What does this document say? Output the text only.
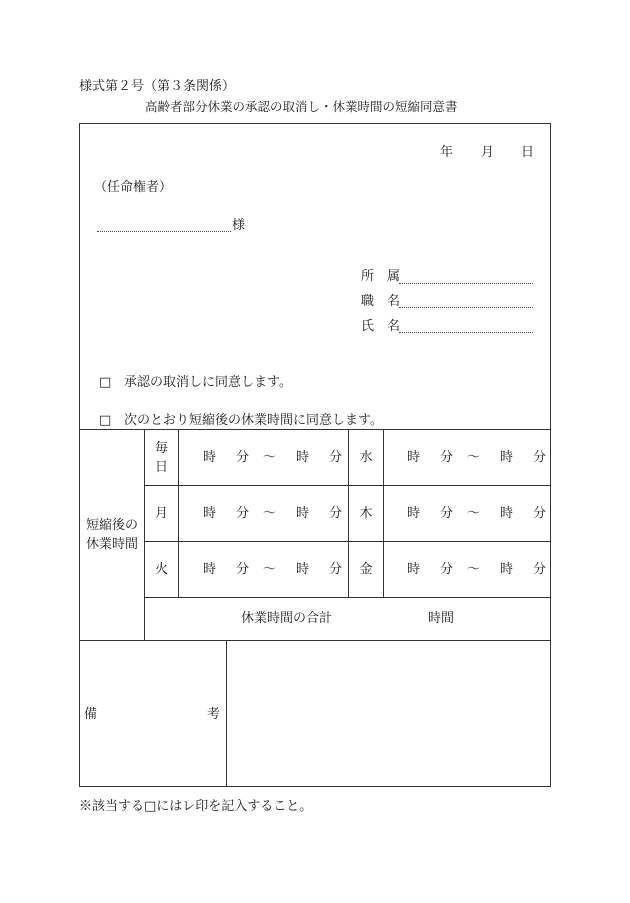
様式第２号（第３条関係）
高齢者部分休業の承認の取消し・休業時間の短縮同意書
年 月 日
（任命権者）
様
所　属
職　名
氏　名
□ 承認の取消しに同意します。
□ 次のとおり短縮後の休業時間に同意します。
短縮後の
休業時間
毎
日
時 分 ～ 時 分	水	時 分 ～ 時 分
月	時 分 ～ 時 分	木	時 分 ～ 時 分
火	時 分 ～ 時 分	金	時 分 ～ 時 分
休業時間の合計	時間
備	考
※該当する□にはレ印を記入すること。
